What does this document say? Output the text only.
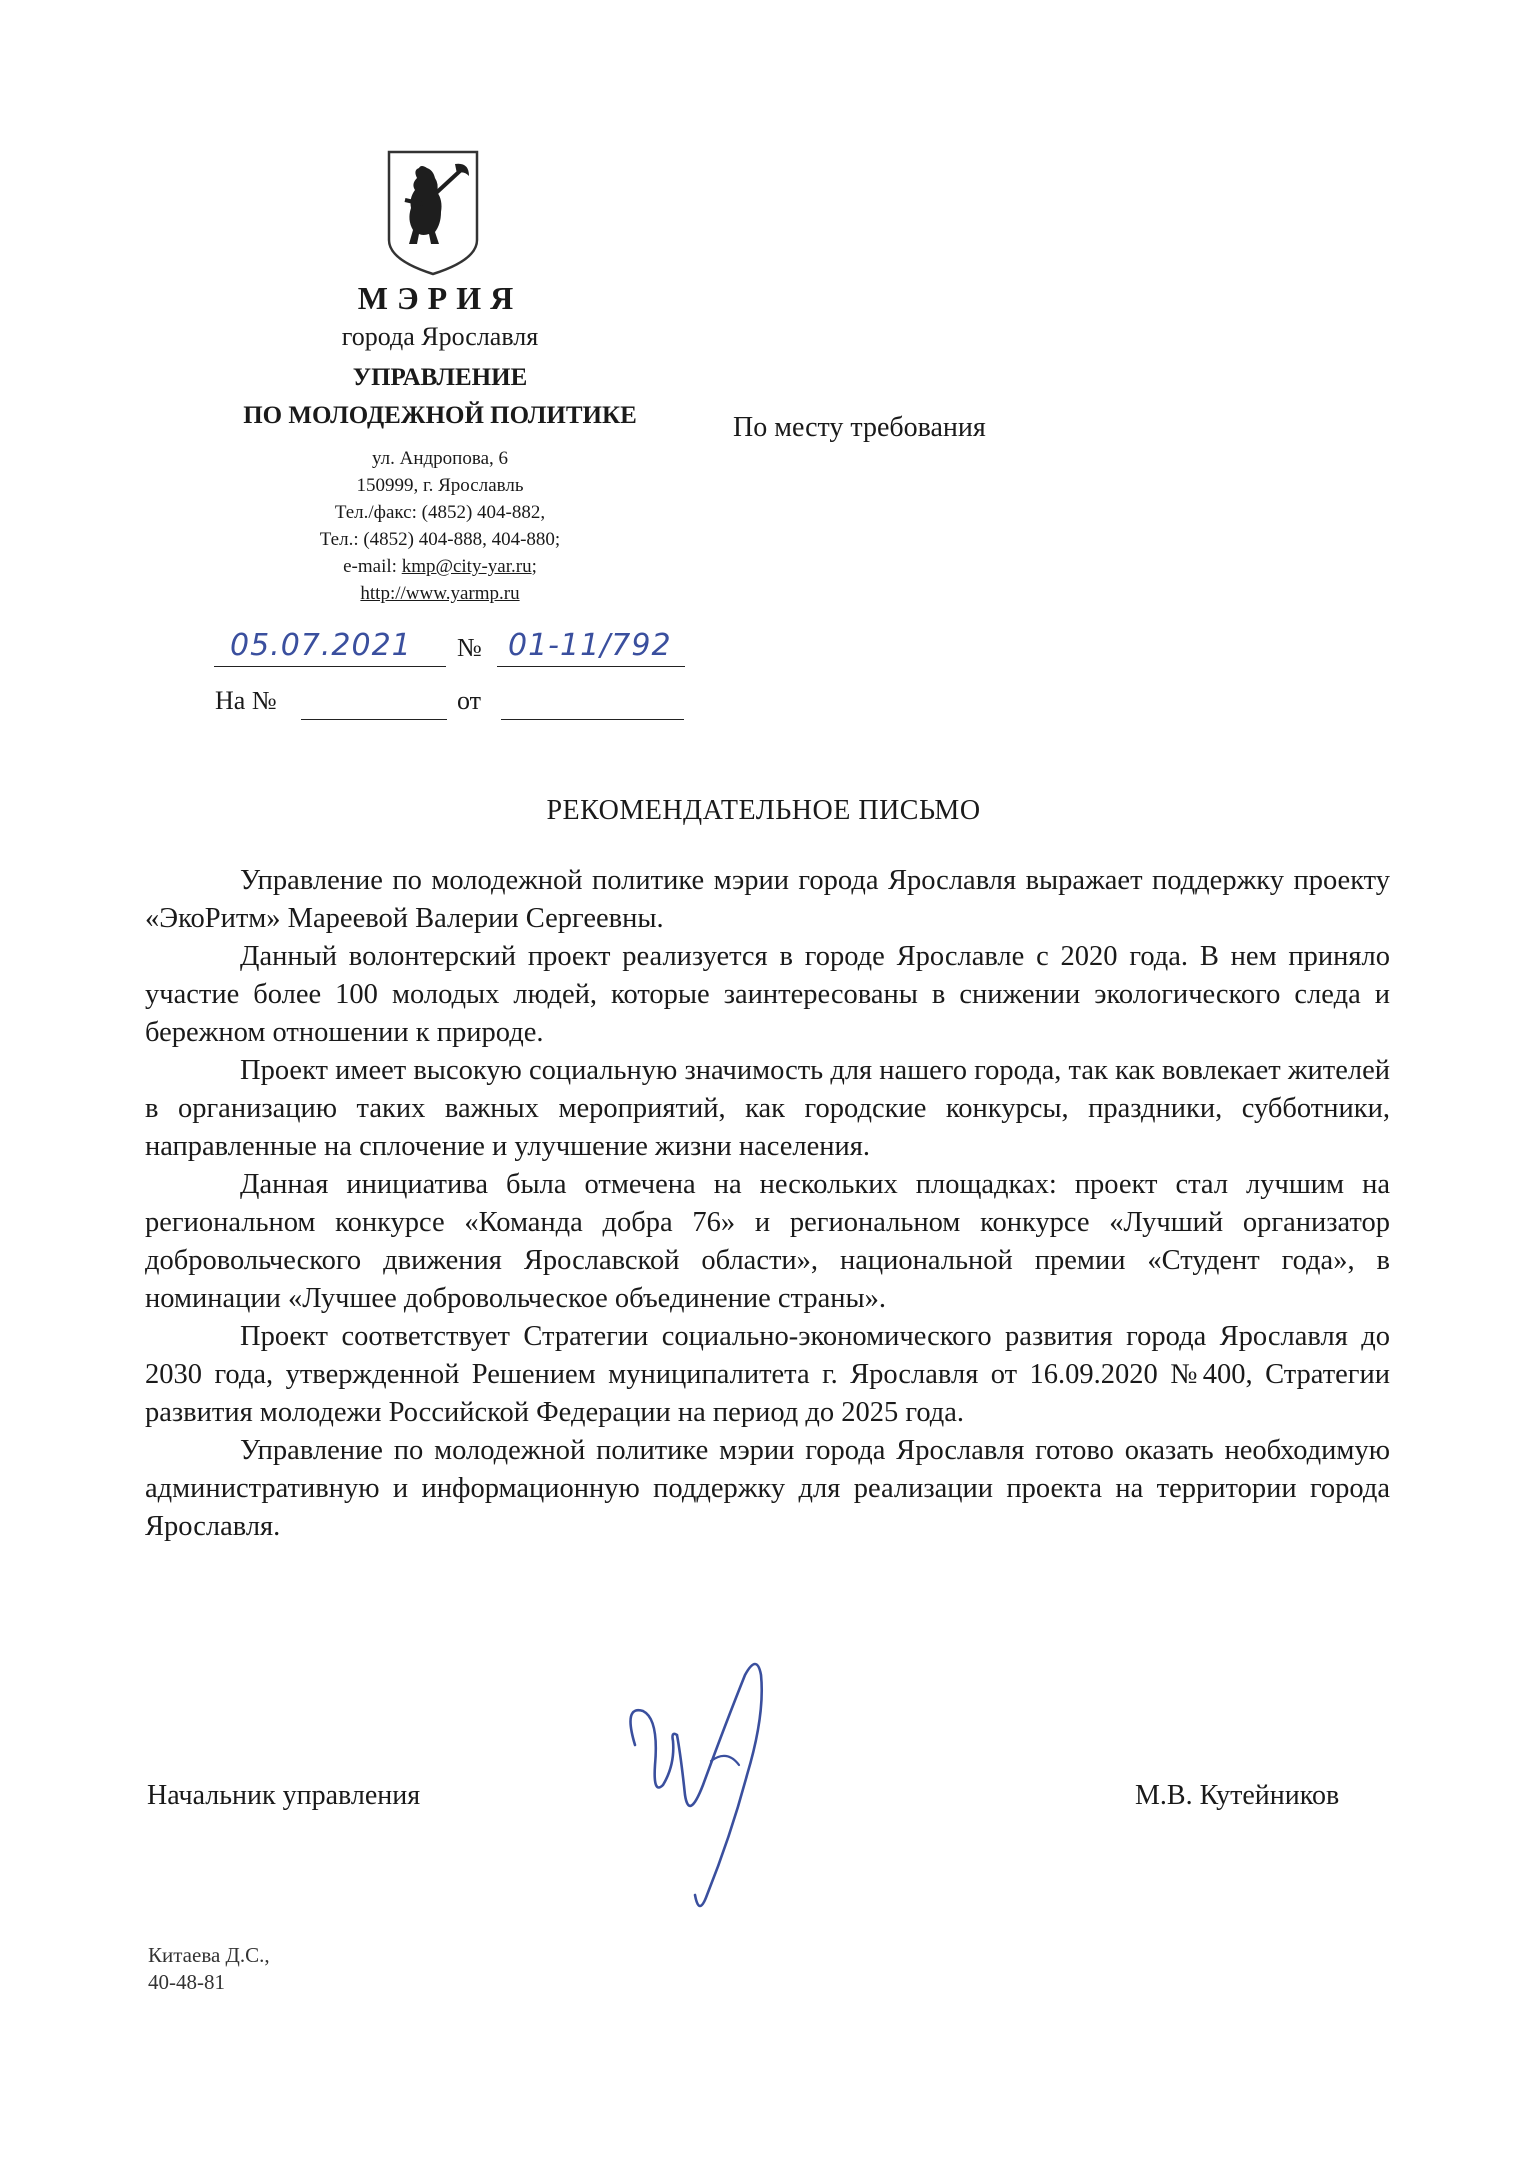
МЭРИЯ
города Ярославля
УПРАВЛЕНИЕ
ПО МОЛОДЕЖНОЙ ПОЛИТИКЕ
ул. Андропова, 6
150999, г. Ярославль
Тел./факс: (4852) 404-882,
Тел.: (4852) 404-888, 404-880;
e-mail: kmp@city-yar.ru;
http://www.yarmp.ru
По месту требования
05.07.2021 № 01-11/792
На №	от
РЕКОМЕНДАТЕЛЬНОЕ ПИСЬМО

Управление по молодежной политике мэрии города Ярославля выражает поддержку проекту «ЭкоРитм» Мареевой Валерии Сергеевны.

Данный волонтерский проект реализуется в городе Ярославле с 2020 года. В нем приняло участие более 100 молодых людей, которые заинтересованы в снижении экологического следа и бережном отношении к природе.

Проект имеет высокую социальную значимость для нашего города, так как вовлекает жителей в организацию таких важных мероприятий, как городские конкурсы, праздники, субботники, направленные на сплочение и улучшение жизни населения.

Данная инициатива была отмечена на нескольких площадках: проект стал лучшим на региональном конкурсе «Команда добра 76» и региональном конкурсе «Лучший организатор добровольческого движения Ярославской области», национальной премии «Студент года», в номинации «Лучшее добровольческое объединение страны».

Проект соответствует Стратегии социально-экономического развития города Ярославля до 2030 года, утвержденной Решением муниципалитета г. Ярославля от 16.09.2020 №400, Стратегии развития молодежи Российской Федерации на период до 2025 года.

Управление по молодежной политике мэрии города Ярославля готово оказать необходимую административную и информационную поддержку для реализации проекта на территории города Ярославля.

Начальник управления	М.В. Кутейников
Китаева Д.С.,
40-48-81
